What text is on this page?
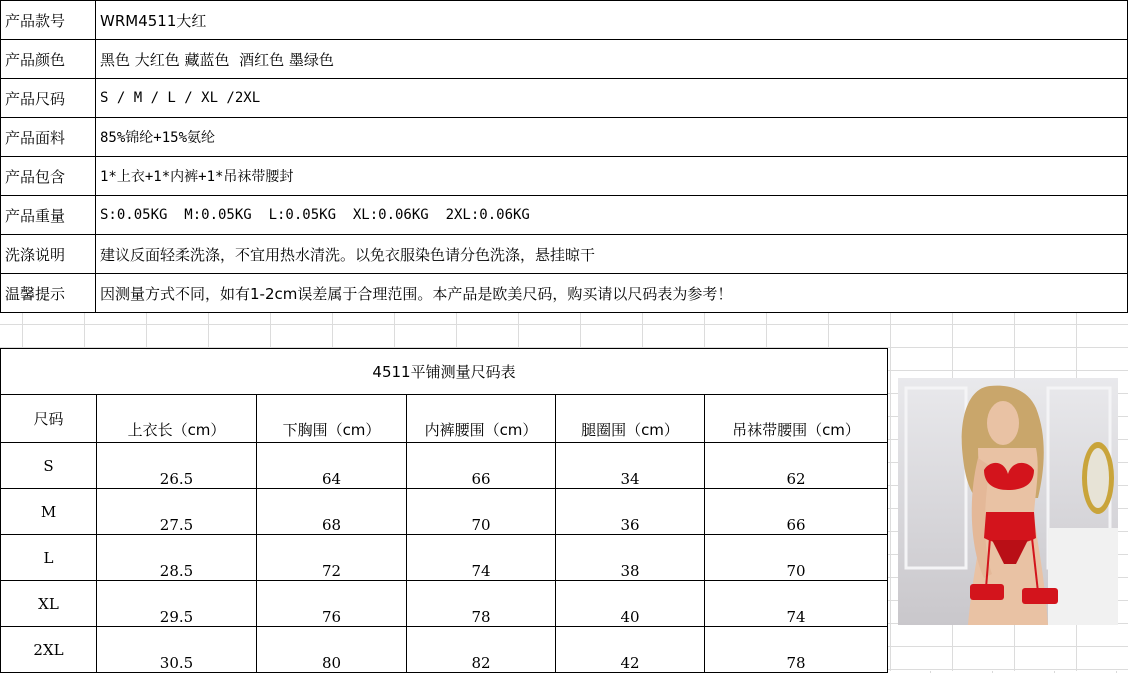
产品款号	WRM4511大红
产品颜色	黑色 大红色 藏蓝色  酒红色 墨绿色
产品尺码	S / M / L / XL /2XL
产品面料	85%锦纶+15%氨纶
产品包含	1*上衣+1*内裤+1*吊袜带腰封
产品重量	S:0.05KG  M:0.05KG  L:0.05KG  XL:0.06KG  2XL:0.06KG
洗涤说明	建议反面轻柔洗涤，不宜用热水清洗。以免衣服染色请分色洗涤，悬挂晾干
温馨提示	因测量方式不同，如有1-2cm误差属于合理范围。本产品是欧美尺码，购买请以尺码表为参考！
4511平铺测量尺码表					
尺码	上衣长（cm）	下胸围（cm）	内裤腰围（cm）	腿圈围（cm）	吊袜带腰围（cm）
S	26.5	64	66	34	62
M	27.5	68	70	36	66
L	28.5	72	74	38	70
XL	29.5	76	78	40	74
2XL	30.5	80	82	42	78
